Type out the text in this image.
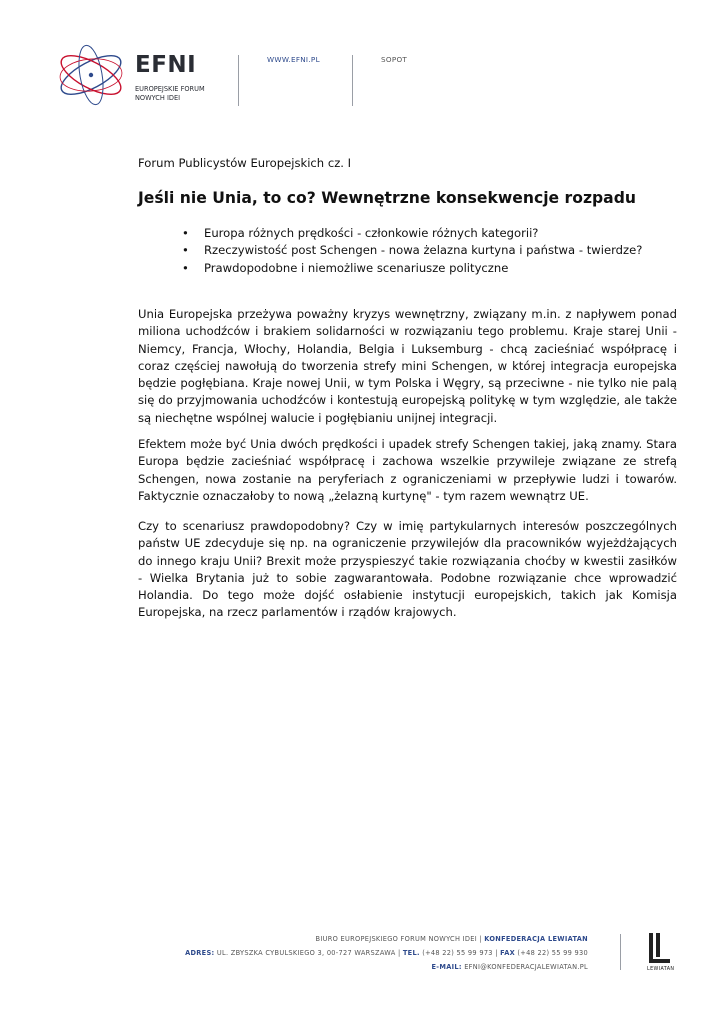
EFNI
EUROPEJSKIE FORUM NOWYCH IDEI
WWW.EFNI.PL	SOPOT
Forum Publicystów Europejskich cz. I
Jeśli nie Unia, to co? Wewnętrzne konsekwencje rozpadu
• Europa różnych prędkości - członkowie różnych kategorii?
• Rzeczywistość post Schengen - nowa żelazna kurtyna i państwa - twierdze?
• Prawdopodobne i niemożliwe scenariusze polityczne

Unia Europejska przeżywa poważny kryzys wewnętrzny, związany m.in. z napływem ponad miliona uchodźców i brakiem solidarności w rozwiązaniu tego problemu. Kraje starej Unii - Niemcy, Francja, Włochy, Holandia, Belgia i Luksemburg - chcą zacieśniać współpracę i coraz częściej nawołują do tworzenia strefy mini Schengen, w której integracja europejska będzie pogłębiana. Kraje nowej Unii, w tym Polska i Węgry, są przeciwne - nie tylko nie palą się do przyjmowania uchodźców i kontestują europejską politykę w tym względzie, ale także są niechętne wspólnej walucie i pogłębianiu unijnej integracji.

Efektem może być Unia dwóch prędkości i upadek strefy Schengen takiej, jaką znamy. Stara Europa będzie zacieśniać współpracę i zachowa wszelkie przywileje związane ze strefą Schengen, nowa zostanie na peryferiach z ograniczeniami w przepływie ludzi i towarów. Faktycznie oznaczałoby to nową „żelazną kurtynę" - tym razem wewnątrz UE.

Czy to scenariusz prawdopodobny? Czy w imię partykularnych interesów poszczególnych państw UE zdecyduje się np. na ograniczenie przywilejów dla pracowników wyjeżdżających do innego kraju Unii? Brexit może przyspieszyć takie rozwiązania choćby w kwestii zasiłków - Wielka Brytania już to sobie zagwarantowała. Podobne rozwiązanie chce wprowadzić Holandia. Do tego może dojść osłabienie instytucji europejskich, takich jak Komisja Europejska, na rzecz parlamentów i rządów krajowych.

BIURO EUROPEJSKIEGO FORUM NOWYCH IDEI | KONFEDERACJA LEWIATAN
ADRES: UL. ZBYSZKA CYBULSKIEGO 3, 00-727 WARSZAWA | TEL. (+48 22) 55 99 973 | FAX (+48 22) 55 99 930
E-MAIL: EFNI@KONFEDERACJALEWIATAN.PL	LEWIATAN
